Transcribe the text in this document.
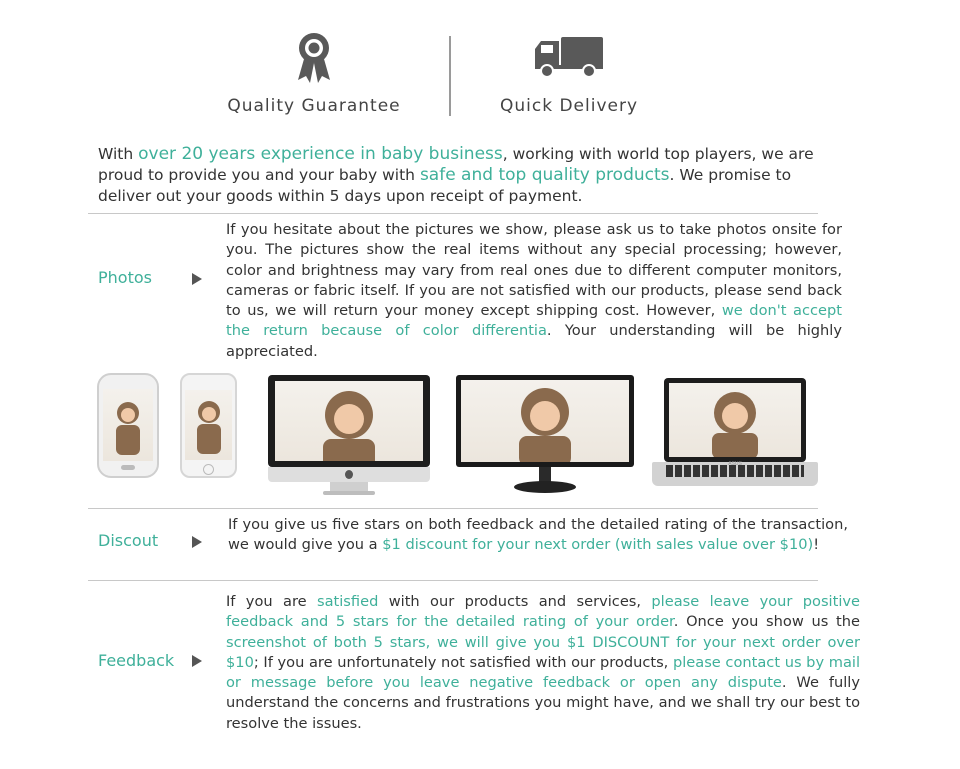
Quality Guarantee	Quick Delivery

With over 20 years experience in baby business, working with world top players, we are proud to provide you and your baby with safe and top quality products. We promise to deliver out your goods within 5 days upon receipt of payment.

Photos

If you hesitate about the pictures we show, please ask us to take photos onsite for you. The pictures show the real items without any special processing; however, color and brightness may vary from real ones due to different computer monitors, cameras or fabric itself. If you are not satisfied with our products, please send back to us, we will return your money except shipping cost. However, we don't accept the return because of color differentia. Your understanding will be highly appreciated.

ASUS
Discout

If you give us five stars on both feedback and the detailed rating of the transaction, we would give you a $1 discount for your next order (with sales value over $10)!

Feedback

If you are satisfied with our products and services, please leave your positive feedback and 5 stars for the detailed rating of your order. Once you show us the screenshot of both 5 stars, we will give you $1 DISCOUNT for your next order over $10; If you are unfortunately not satisfied with our products, please contact us by mail or message before you leave negative feedback or open any dispute. We fully understand the concerns and frustrations you might have, and we shall try our best to resolve the issues.
